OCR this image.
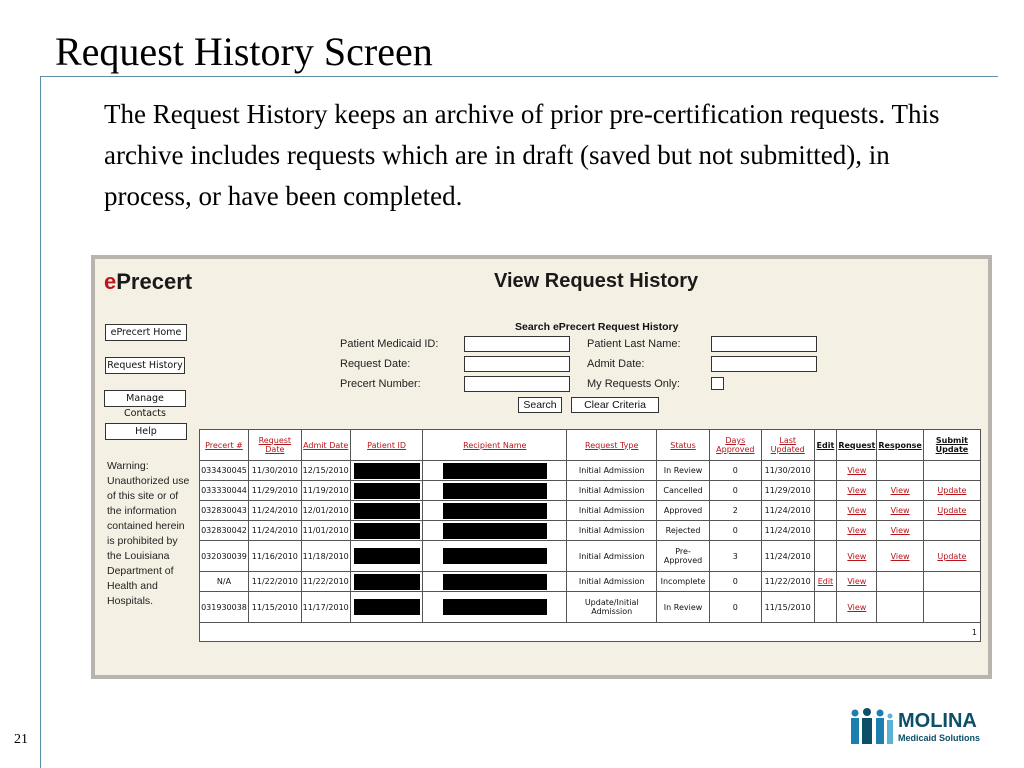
Request History Screen
The Request History keeps an archive of prior pre-certification requests. This archive includes requests which are in draft (saved but not submitted), in process, or have been completed.
21
MOLINA
Medicaid Solutions
ePrecert	View Request History
ePrecert Home
Request History
Manage Contacts
Help
Warning: Unauthorized use of this site or of the information contained herein is prohibited by the Louisiana Department of Health and Hospitals.
Search ePrecert Request History
Patient Medicaid ID:	Patient Last Name:
Request Date:	Admit Date:
Precert Number:	My Requests Only:
Search	Clear Criteria
Precert #	Request Date	Admit Date	Patient ID	Recipient Name	Request Type	Status	Days Approved	Last Updated	Edit	Request	Response	Submit Update
033430045	11/30/2010	12/15/2010			Initial Admission	In Review	0	11/30/2010		View		
033330044	11/29/2010	11/19/2010			Initial Admission	Cancelled	0	11/29/2010		View	View	Update
032830043	11/24/2010	12/01/2010			Initial Admission	Approved	2	11/24/2010		View	View	Update
032830042	11/24/2010	11/01/2010			Initial Admission	Rejected	0	11/24/2010		View	View	
032030039	11/16/2010	11/18/2010			Initial Admission	Pre-Approved	3	11/24/2010		View	View	Update
N/A	11/22/2010	11/22/2010			Initial Admission	Incomplete	0	11/22/2010	Edit	View		
031930038	11/15/2010	11/17/2010			Update/Initial Admission	In Review	0	11/15/2010		View		
1												
